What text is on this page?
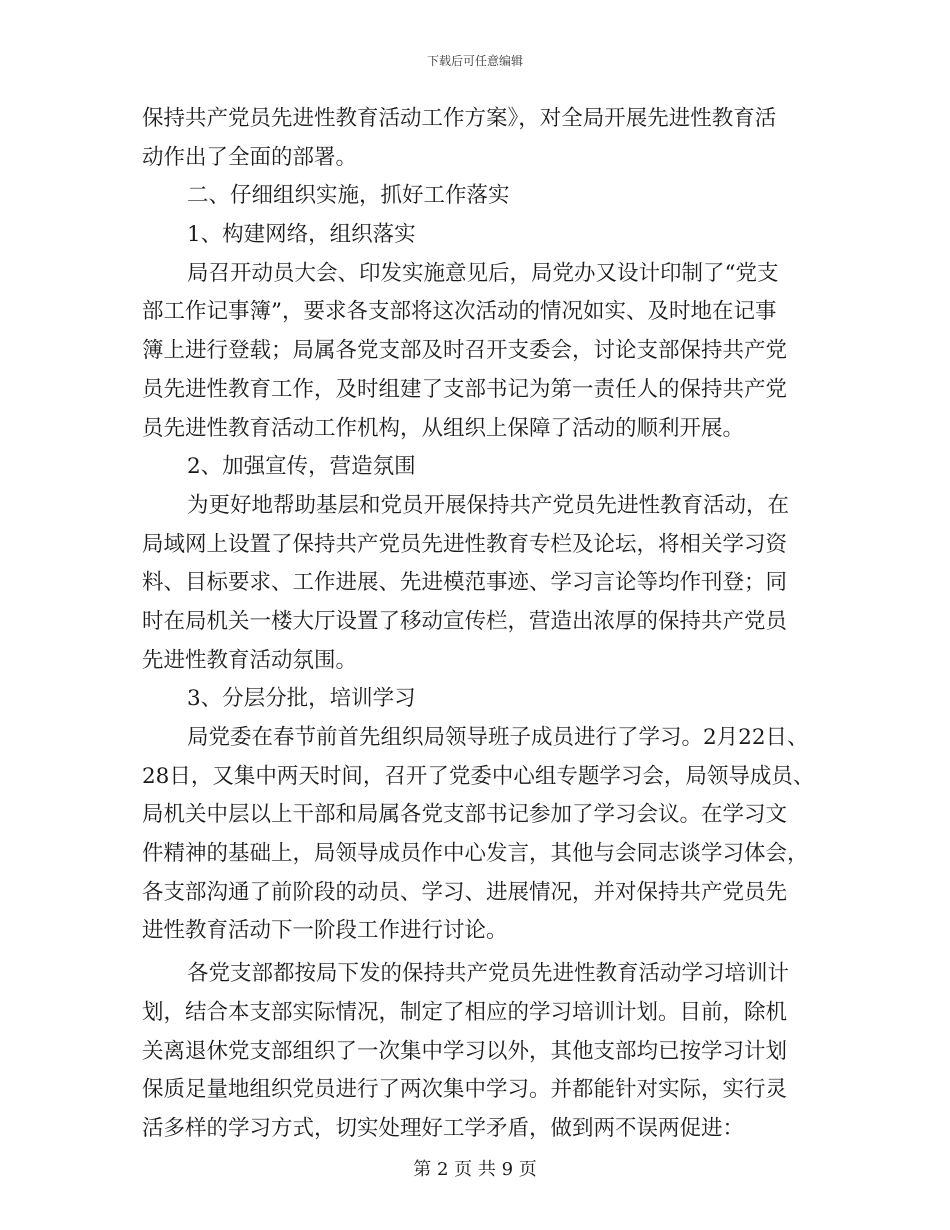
下载后可任意编辑
保持共产党员先进性教育活动工作方案》，对全局开展先进性教育活
动作出了全面的部署。
二、仔细组织实施，抓好工作落实
1、构建网络，组织落实
局召开动员大会、印发实施意见后，局党办又设计印制了“党支
部工作记事簿”，要求各支部将这次活动的情况如实、及时地在记事
簿上进行登载；局属各党支部及时召开支委会，讨论支部保持共产党
员先进性教育工作，及时组建了支部书记为第一责任人的保持共产党
员先进性教育活动工作机构，从组织上保障了活动的顺利开展。
2、加强宣传，营造氛围
为更好地帮助基层和党员开展保持共产党员先进性教育活动，在
局域网上设置了保持共产党员先进性教育专栏及论坛，将相关学习资
料、目标要求、工作进展、先进模范事迹、学习言论等均作刊登；同
时在局机关一楼大厅设置了移动宣传栏，营造出浓厚的保持共产党员
先进性教育活动氛围。
3、分层分批，培训学习
局党委在春节前首先组织局领导班子成员进行了学习。2月22日、
28日，又集中两天时间，召开了党委中心组专题学习会，局领导成员、
局机关中层以上干部和局属各党支部书记参加了学习会议。在学习文
件精神的基础上，局领导成员作中心发言，其他与会同志谈学习体会，
各支部沟通了前阶段的动员、学习、进展情况，并对保持共产党员先
进性教育活动下一阶段工作进行讨论。
各党支部都按局下发的保持共产党员先进性教育活动学习培训计
划，结合本支部实际情况，制定了相应的学习培训计划。目前，除机
关离退休党支部组织了一次集中学习以外，其他支部均已按学习计划
保质足量地组织党员进行了两次集中学习。并都能针对实际，实行灵
活多样的学习方式，切实处理好工学矛盾，做到两不误两促进：
第 2 页 共 9 页
